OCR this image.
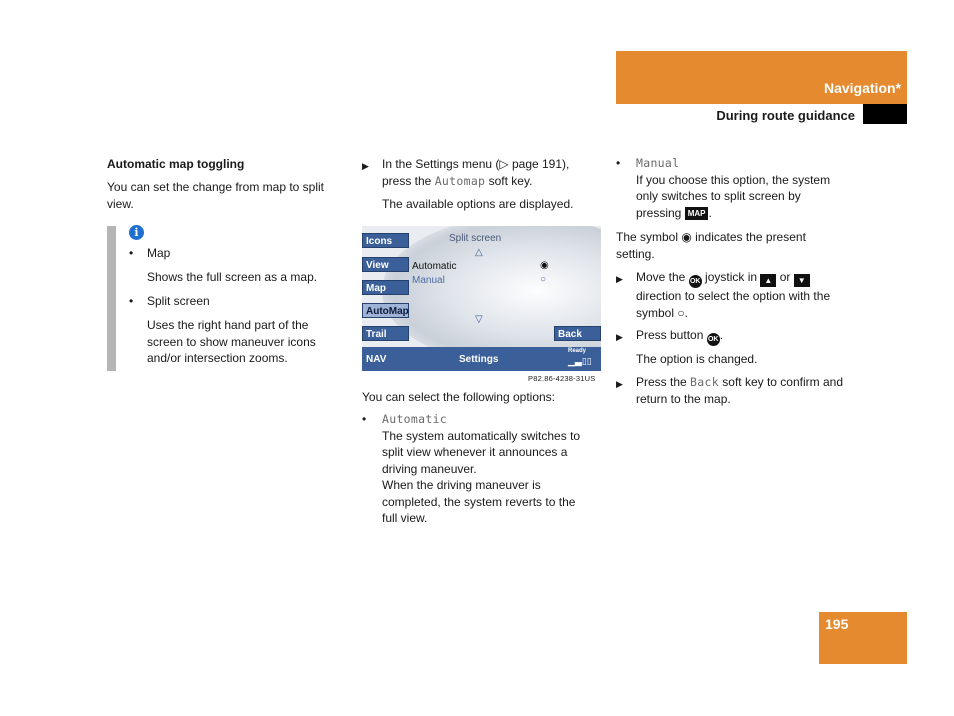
Navigation*
During route guidance
Automatic map toggling
You can set the change from map to split view.
i
• Map
Shows the full screen as a map.
• Split screen
Uses the right hand part of the screen to show maneuver icons and/or intersection zooms.
▶ In the Settings menu (▷ page 191),
press the Automap soft key.
The available options are displayed.
Icons
View
Map
AutoMap
Trail	Back
Split screen
△
Automatic	◉
Manual	○
▽
NAV	Settings
Ready
▁▃▯▯
P82.86-4238-31US
You can select the following options:
• Automatic
The system automatically switches to
split view whenever it announces a
driving maneuver.
When the driving maneuver is
completed, the system reverts to the
full view.
• Manual
If you choose this option, the system
only switches to split screen by
pressing MAP .
The symbol ◉ indicates the present
setting.
▶ Move the OK joystick in ▲ or ▼
direction to select the option with the
symbol ○.
▶ Press button OK.
The option is changed.
▶ Press the Back soft key to confirm and
return to the map.
195
